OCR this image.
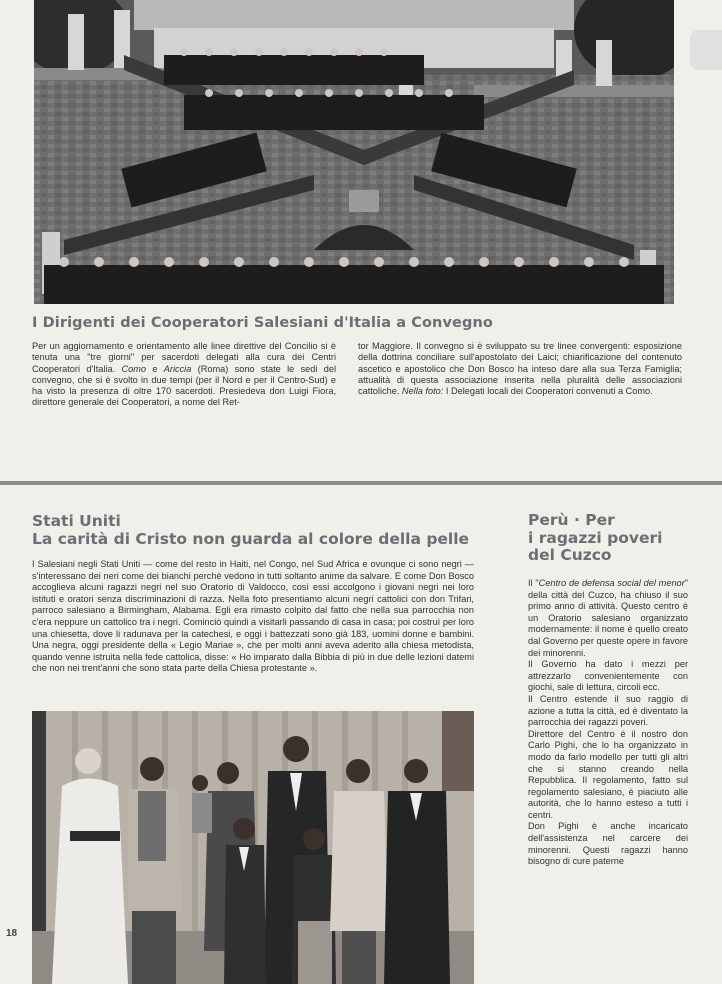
I Dirigenti dei Cooperatori Salesiani d'Italia a Convegno
Per un aggiornamento e orientamento alle linee direttive del Concilio si è tenuta una "tre giorni" per sacerdoti delegati alla cura dei Centri Cooperatori d'Italia. Como e Ariccia (Roma) sono state le sedi del convegno, che si è svolto in due tempi (per il Nord e per il Centro-Sud) e ha visto la presenza di oltre 170 sacerdoti. Presiedeva don Luigi Fiora, direttore generale dei Cooperatori, a nome del Ret-
tor Maggiore. Il convegno si è sviluppato su tre linee convergenti: esposizione della dottrina conciliare sull'apostolato dei Laici; chiarificazione del contenuto ascetico e apostolico che Don Bosco ha inteso dare alla sua Terza Famiglia; attualità di questa associazione inserita nella pluralità delle associazioni cattoliche. Nella foto: I Delegati locali dei Cooperatori convenuti a Como.
Stati Uniti
La carità di Cristo non guarda al colore della pelle
I Salesiani negli Stati Uniti — come del resto in Haiti, nel Congo, nel Sud Africa e ovunque ci sono negri — s'interessano dei neri come dei bianchi perchè vedono in tutti soltanto anime da salvare. E come Don Bosco accoglieva alcuni ragazzi negri nel suo Oratorio di Valdocco, così essi accolgono i giovani negri nei loro istituti e oratori senza discriminazioni di razza. Nella foto presentiamo alcuni negri cattolici con don Trifari, parroco salesiano a Birmingham, Alabama. Egli era rimasto colpito dal fatto che nella sua parrocchia non c'era neppure un cattolico tra i negri. Cominciò quindi a visitarli passando di casa in casa; poi costruì per loro una chiesetta, dove li radunava per la catechesi, e oggi i battezzati sono già 183, uomini donne e bambini. Una negra, oggi presidente della « Legio Mariae », che per molti anni aveva aderito alla chiesa metodista, quando venne istruita nella fede cattolica, disse: « Ho imparato dalla Bibbia di più in due delle lezioni datemi che non nei trent'anni che sono stata parte della Chiesa protestante ».
Perù · Per
i ragazzi poveri
del Cuzco

Il "Centro de defensa social del menor" della città del Cuzco, ha chiuso il suo primo anno di attività. Questo centro è un Oratorio salesiano organizzato modernamente: il nome è quello creato dal Governo per queste opere in favore dei minorenni.

Il Governo ha dato i mezzi per attrezzarlo convenientemente con giochi, sale di lettura, circoli ecc.

Il Centro estende il suo raggio di azione a tutta la città, ed è diventato la parrocchia dei ragazzi poveri.

Direttore del Centro è il nostro don Carlo Pighi, che lo ha organizzato in modo da farlo modello per tutti gli altri che si stanno creando nella Repubblica. Il regolamento, fatto sul regolamento salesiano, è piaciuto alle autorità, che lo hanno esteso a tutti i centri.

Don Pighi è anche incaricato dell'assistenza nel carcere dei minorenni. Questi ragazzi hanno bisogno di cure paterne

18
